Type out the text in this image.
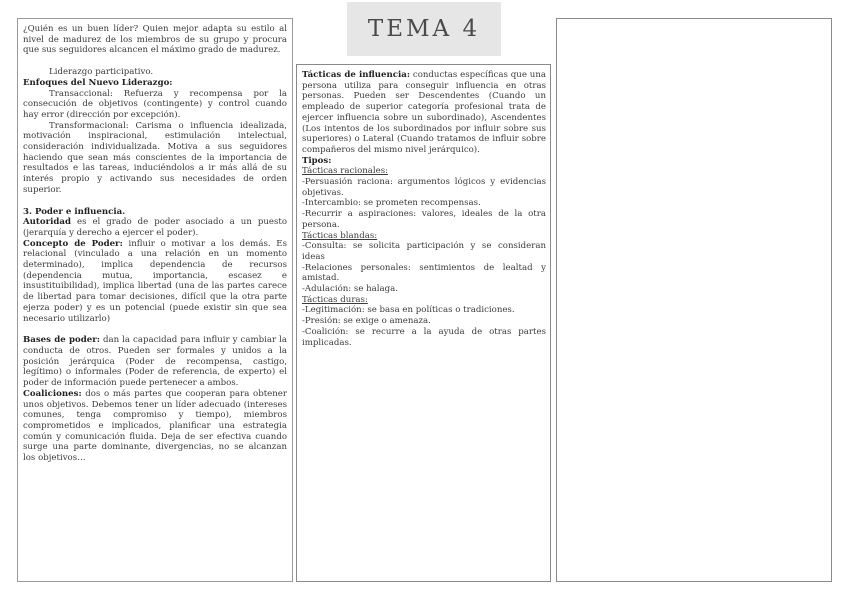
TEMA 4

¿Quién es un buen líder? Quien mejor adapta su estilo al nivel de madurez de los miembros de su grupo y procura que sus seguidores alcancen el máximo grado de madurez.

Liderazgo participativo.

Enfoques del Nuevo Liderazgo:

Transaccional: Refuerza y recompensa por la consecución de objetivos (contingente) y control cuando hay error (dirección por excepción).

Transformacional: Carisma o influencia idealizada, motivación inspiracional, estimulación intelectual, consideración individualizada. Motiva a sus seguidores haciendo que sean más conscientes de la importancia de resultados e las tareas, induciéndolos a ir más allá de su interés propio y activando sus necesidades de orden superior.

3. Poder e influencia.

Autoridad es el grado de poder asociado a un puesto (jerarquía y derecho a ejercer el poder).

Concepto de Poder: influir o motivar a los demás. Es relacional (vinculado a una relación en un momento determinado), implica dependencia de recursos (dependencia mutua, importancia, escasez e insustituibilidad), implica libertad (una de las partes carece de libertad para tomar decisiones, difícil que la otra parte ejerza poder) y es un potencial (puede existir sin que sea necesario utilizarlo)

Bases de poder: dan la capacidad para influir y cambiar la conducta de otros. Pueden ser formales y unidos a la posición jerárquica (Poder de recompensa, castigo, legítimo) o informales (Poder de referencia, de experto) el poder de información puede pertenecer a ambos.

Coaliciones: dos o más partes que cooperan para obtener unos objetivos. Debemos tener un líder adecuado (intereses comunes, tenga compromiso y tiempo), miembros comprometidos e implicados, planificar una estrategia común y comunicación fluida. Deja de ser efectiva cuando surge una parte dominante, divergencias, no se alcanzan los objetivos…

Tácticas de influencia: conductas específicas que una persona utiliza para conseguir influencia en otras personas. Pueden ser Descendentes (Cuando un empleado de superior categoría profesional trata de ejercer influencia sobre un subordinado), Ascendentes (Los intentos de los subordinados por influir sobre sus superiores) o Lateral (Cuando tratamos de influir sobre compañeros del mismo nivel jerárquico).

Tipos:

Tácticas racionales:

-Persuasión raciona: argumentos lógicos y evidencias objetivas.

-Intercambio: se prometen recompensas.

-Recurrir a aspiraciones: valores, ideales de la otra persona.

Tácticas blandas:

-Consulta: se solicita participación y se consideran ideas

-Relaciones personales: sentimientos de lealtad y amistad.

-Adulación: se halaga.

Tácticas duras:

-Legitimación: se basa en políticas o tradiciones.

-Presión: se exige o amenaza.

-Coalición: se recurre a la ayuda de otras partes implicadas.
